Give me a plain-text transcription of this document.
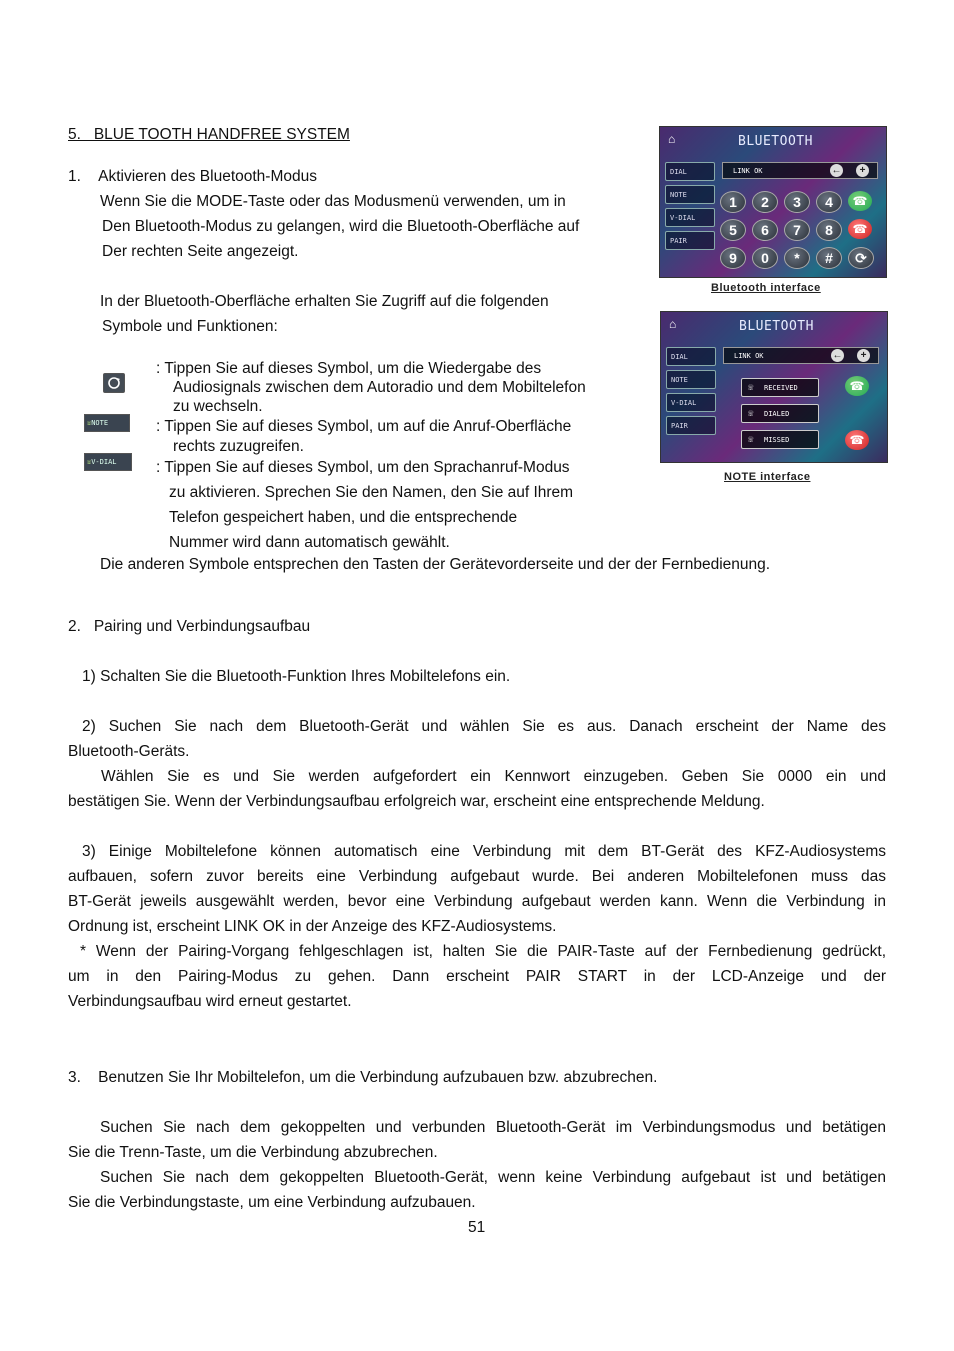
5.   BLUE TOOTH HANDFREE SYSTEM
1.    Aktivieren des Bluetooth-Modus
Wenn Sie die MODE-Taste oder das Modusmenü verwenden, um in
Den Bluetooth-Modus zu gelangen, wird die Bluetooth-Oberfläche auf
Der rechten Seite angezeigt.
In der Bluetooth-Oberfläche erhalten Sie Zugriff auf die folgenden
Symbole und Funktionen:
: Tippen Sie auf dieses Symbol, um die Wiedergabe des
Audiosignals zwischen dem Autoradio und dem Mobiltelefon
zu wechseln.
☏NOTE	: Tippen Sie auf dieses Symbol, um auf die Anruf-Oberfläche
rechts zuzugreifen.
☏V-DIAL	: Tippen Sie auf dieses Symbol, um den Sprachanruf-Modus
zu aktivieren. Sprechen Sie den Namen, den Sie auf Ihrem
Telefon gespeichert haben, und die entsprechende
Nummer wird dann automatisch gewählt.
Die anderen Symbole entsprechen den Tasten der Gerätevorderseite und der der Fernbedienung.
⌂	BLUETOOTH
DIAL
NOTE
V-DIAL
PAIR
LINK OK	←	+
1	2	3	4	☎
5	6	7	8	☎
9	0	*	#	⟳
Bluetooth interface
⌂	BLUETOOTH
DIAL
NOTE
V-DIAL
PAIR
LINK OK	←	+
☏ RECEIVED
☏ DIALED
☏ MISSED
☎
☎
NOTE interface
2.   Pairing und Verbindungsaufbau
1) Schalten Sie die Bluetooth-Funktion Ihres Mobiltelefons ein.
2) Suchen Sie nach dem Bluetooth-Gerät und wählen Sie es aus. Danach erscheint der Name des
Bluetooth-Geräts.
Wählen Sie es und Sie werden aufgefordert ein Kennwort einzugeben. Geben Sie 0000 ein und
bestätigen Sie. Wenn der Verbindungsaufbau erfolgreich war, erscheint eine entsprechende Meldung.
3) Einige Mobiltelefone können automatisch eine Verbindung mit dem BT-Gerät des KFZ-Audiosystems
aufbauen, sofern zuvor bereits eine Verbindung aufgebaut wurde. Bei anderen Mobiltelefonen muss das
BT-Gerät jeweils ausgewählt werden, bevor eine Verbindung aufgebaut werden kann. Wenn die Verbindung in
Ordnung ist, erscheint LINK OK in der Anzeige des KFZ-Audiosystems.
* Wenn der Pairing-Vorgang fehlgeschlagen ist, halten Sie die PAIR-Taste auf der Fernbedienung gedrückt,
um in den Pairing-Modus zu gehen. Dann erscheint PAIR START in der LCD-Anzeige und der
Verbindungsaufbau wird erneut gestartet.
3.    Benutzen Sie Ihr Mobiltelefon, um die Verbindung aufzubauen bzw. abzubrechen.
Suchen Sie nach dem gekoppelten und verbunden Bluetooth-Gerät im Verbindungsmodus und betätigen
Sie die Trenn-Taste, um die Verbindung abzubrechen.
Suchen Sie nach dem gekoppelten Bluetooth-Gerät, wenn keine Verbindung aufgebaut ist und betätigen
Sie die Verbindungstaste, um eine Verbindung aufzubauen.
51
